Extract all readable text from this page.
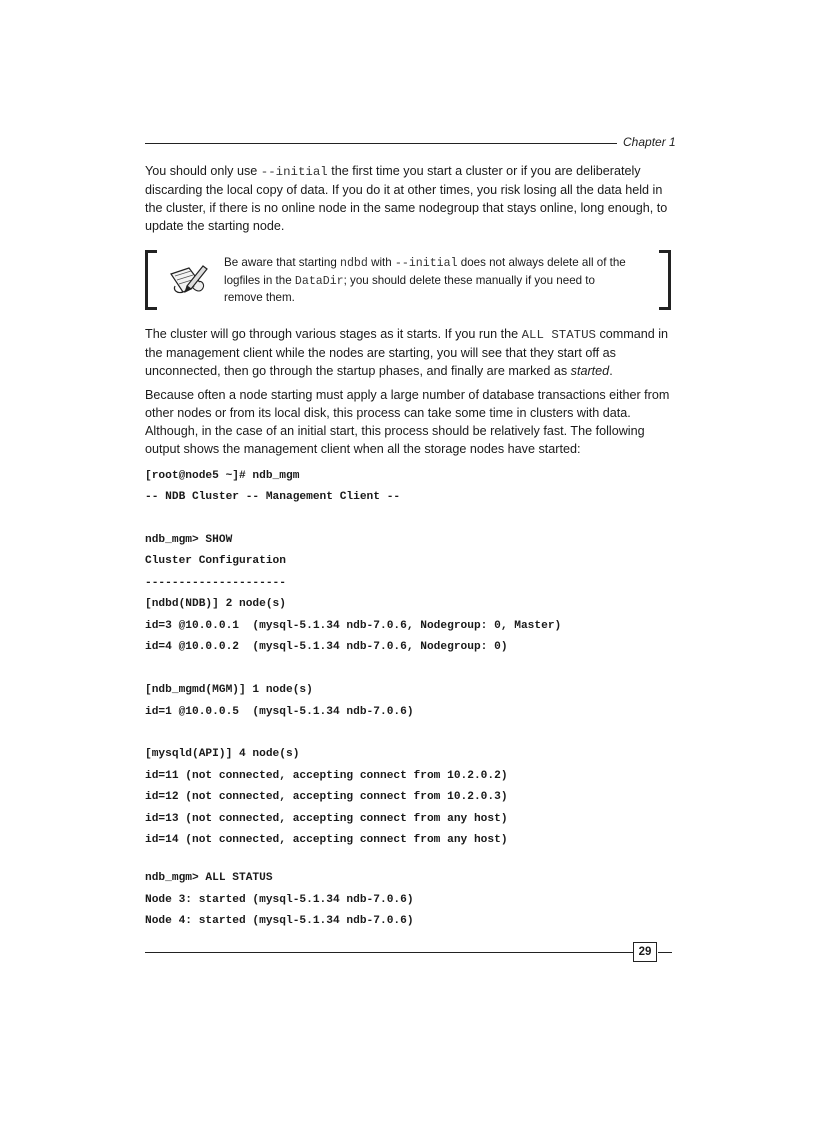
Chapter 1

You should only use --initial the first time you start a cluster or if you are deliberately discarding the local copy of data. If you do it at other times, you risk losing all the data held in the cluster, if there is no online node in the same nodegroup that stays online, long enough, to update the starting node.

Be aware that starting ndbd with --initial does not always delete all of the logfiles in the DataDir; you should delete these manually if you need to remove them.

The cluster will go through various stages as it starts. If you run the ALL STATUS command in the management client while the nodes are starting, you will see that they start off as unconnected, then go through the startup phases, and finally are marked as started.

Because often a node starting must apply a large number of database transactions either from other nodes or from its local disk, this process can take some time in clusters with data. Although, in the case of an initial start, this process should be relatively fast. The following output shows the management client when all the storage nodes have started:

[root@node5 ~]# ndb_mgm
-- NDB Cluster -- Management Client --
ndb_mgm> SHOW
Cluster Configuration
---------------------
[ndbd(NDB)] 2 node(s)
id=3 @10.0.0.1  (mysql-5.1.34 ndb-7.0.6, Nodegroup: 0, Master)
id=4 @10.0.0.2  (mysql-5.1.34 ndb-7.0.6, Nodegroup: 0)
[ndb_mgmd(MGM)] 1 node(s)
id=1 @10.0.0.5  (mysql-5.1.34 ndb-7.0.6)
[mysqld(API)] 4 node(s)
id=11 (not connected, accepting connect from 10.2.0.2)
id=12 (not connected, accepting connect from 10.2.0.3)
id=13 (not connected, accepting connect from any host)
id=14 (not connected, accepting connect from any host)
ndb_mgm> ALL STATUS
Node 3: started (mysql-5.1.34 ndb-7.0.6)
Node 4: started (mysql-5.1.34 ndb-7.0.6)
29
